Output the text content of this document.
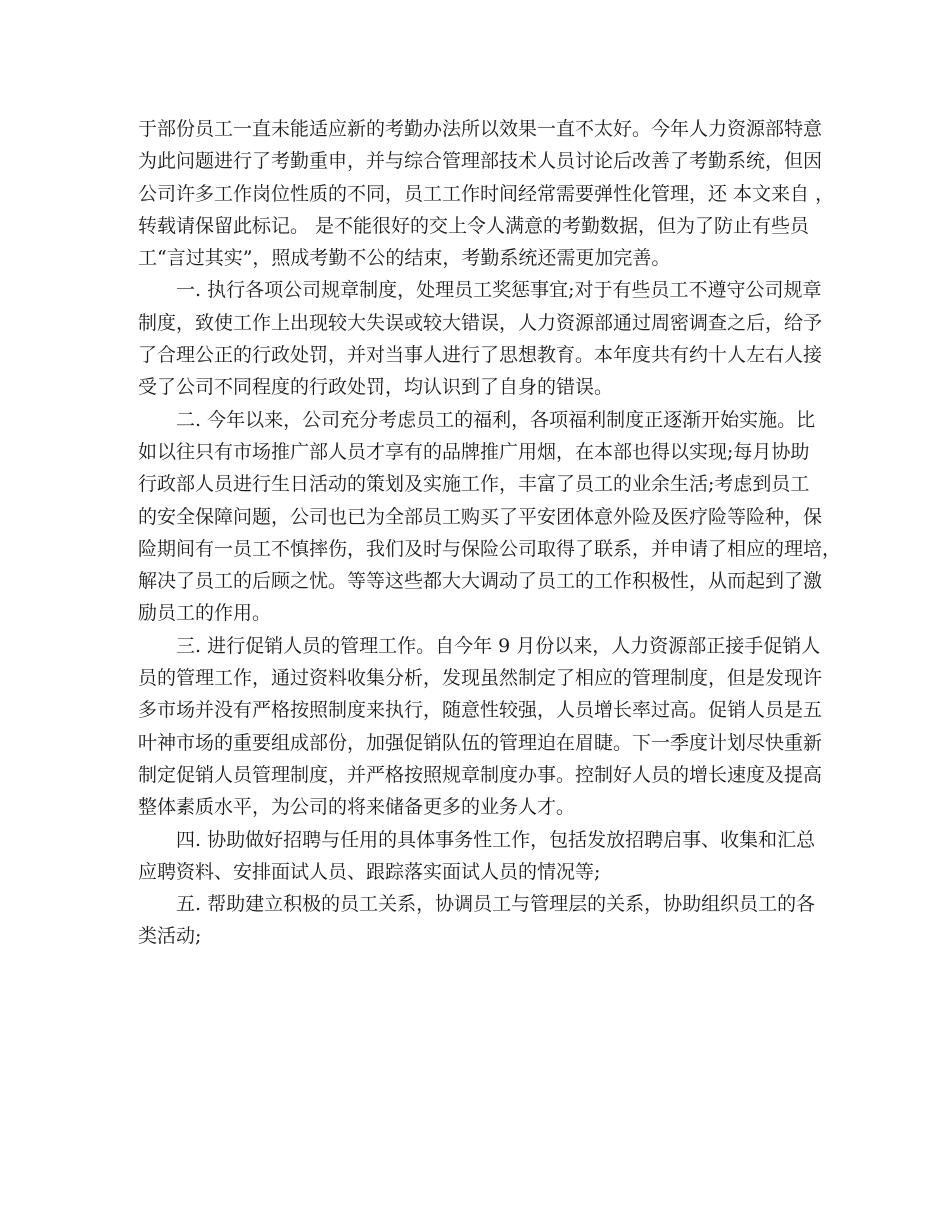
于部份员工一直未能适应新的考勤办法所以效果一直不太好。今年人力资源部特意
为此问题进行了考勤重申，并与综合管理部技术人员讨论后改善了考勤系统，但因
公司许多工作岗位性质的不同，员工工作时间经常需要弹性化管理，还 本文来自 ，
转载请保留此标记。 是不能很好的交上令人满意的考勤数据，但为了防止有些员
工“言过其实”，照成考勤不公的结束，考勤系统还需更加完善。

一. 执行各项公司规章制度，处理员工奖惩事宜;对于有些员工不遵守公司规章
制度，致使工作上出现较大失误或较大错误，人力资源部通过周密调查之后，给予
了合理公正的行政处罚，并对当事人进行了思想教育。本年度共有约十人左右人接
受了公司不同程度的行政处罚，均认识到了自身的错误。

二. 今年以来，公司充分考虑员工的福利，各项福利制度正逐渐开始实施。比
如以往只有市场推广部人员才享有的品牌推广用烟，在本部也得以实现;每月协助
行政部人员进行生日活动的策划及实施工作，丰富了员工的业余生活;考虑到员工
的安全保障问题，公司也已为全部员工购买了平安团体意外险及医疗险等险种，保
险期间有一员工不慎摔伤，我们及时与保险公司取得了联系，并申请了相应的理培，
解决了员工的后顾之忧。等等这些都大大调动了员工的工作积极性，从而起到了激
励员工的作用。

三. 进行促销人员的管理工作。自今年 9 月份以来，人力资源部正接手促销人
员的管理工作，通过资料收集分析，发现虽然制定了相应的管理制度，但是发现许
多市场并没有严格按照制度来执行，随意性较强，人员增长率过高。促销人员是五
叶神市场的重要组成部份，加强促销队伍的管理迫在眉睫。下一季度计划尽快重新
制定促销人员管理制度，并严格按照规章制度办事。控制好人员的增长速度及提高
整体素质水平，为公司的将来储备更多的业务人才。

四. 协助做好招聘与任用的具体事务性工作，包括发放招聘启事、收集和汇总
应聘资料、安排面试人员、跟踪落实面试人员的情况等;

五. 帮助建立积极的员工关系，协调员工与管理层的关系，协助组织员工的各
类活动;
